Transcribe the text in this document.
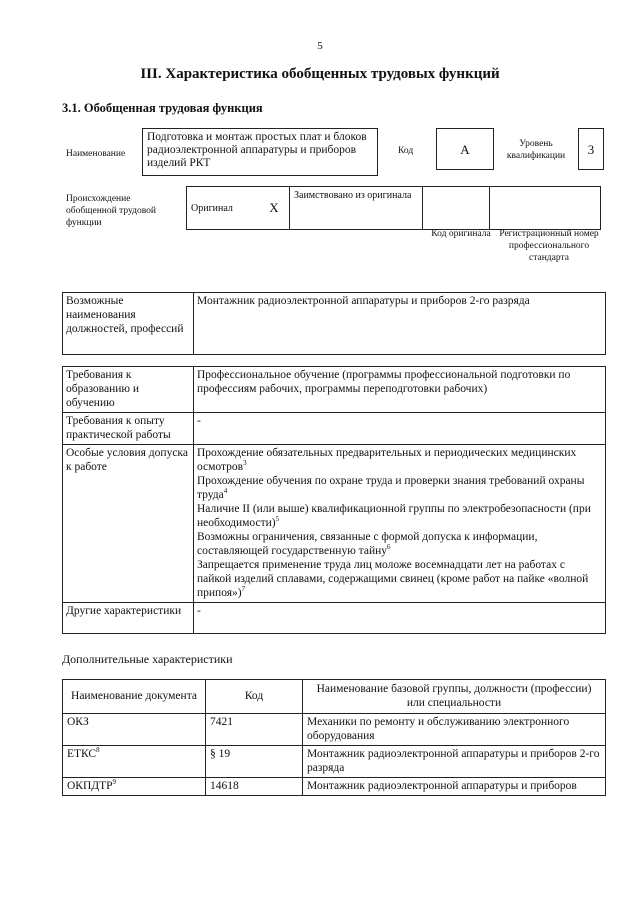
5
III. Характеристика обобщенных трудовых функций
3.1. Обобщенная трудовая функция
Наименование
Подготовка и монтаж простых плат и блоков радиоэлектронной аппаратуры и приборов изделий РКТ
Код	А	Уровень квалификации	3
Происхождение обобщенной трудовой функции
Оригинал	X	Заимствовано из оригинала		
Код оригинала Регистрационный номер профессионального стандарта
Возможные наименования должностей, профессий	Монтажник радиоэлектронной аппаратуры и приборов 2-го разряда
Требования к образованию и обучению	Профессиональное обучение (программы профессиональной подготовки по профессиям рабочих, программы переподготовки рабочих)
Требования к опыту практической работы	-
Особые условия допуска к работе	Прохождение обязательных предварительных и периодических медицинских осмотров$^3$
Прохождение обучения по охране труда и проверки знания требований охраны труда$^4$
Наличие II (или выше) квалификационной группы по электробезопасности (при необходимости)$^5$
Возможны ограничения, связанные с формой допуска к информации, составляющей государственную тайну$^6$
Запрещается применение труда лиц моложе восемнадцати лет на работах с пайкой изделий сплавами, содержащими свинец (кроме работ на пайке «волной припоя»)$^7$

Другие характеристики	-
Дополнительные характеристики
Наименование документа	Код	Наименование базовой группы, должности (профессии) или специальности
ОКЗ	7421	Механики по ремонту и обслуживанию электронного оборудования
ЕТКС$^8$	§ 19	Монтажник радиоэлектронной аппаратуры и приборов 2-го разряда
ОКПДТР$^9$	14618	Монтажник радиоэлектронной аппаратуры и приборов
